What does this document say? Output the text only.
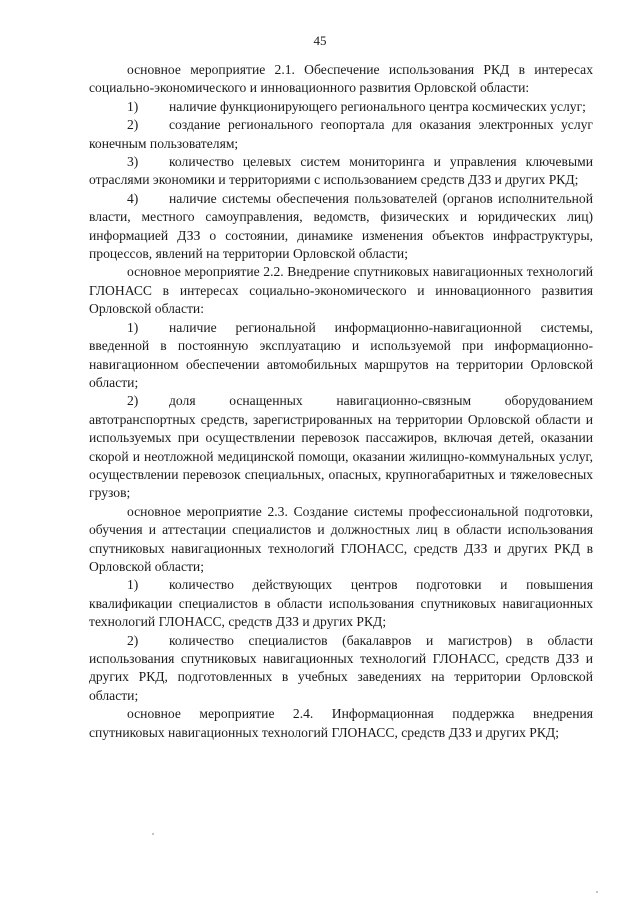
45

основное мероприятие 2.1. Обеспечение использования РКД в интересах социально-экономического и инновационного развития Орловской области:

1) наличие функционирующего регионального центра космических услуг;

2) создание регионального геопортала для оказания электронных услуг конечным пользователям;

3) количество целевых систем мониторинга и управления ключевыми отраслями экономики и территориями с использованием средств ДЗЗ и других РКД;

4) наличие системы обеспечения пользователей (органов исполнительной власти, местного самоуправления, ведомств, физических и юридических лиц) информацией ДЗЗ о состоянии, динамике изменения объектов инфраструктуры, процессов, явлений на территории Орловской области;

основное мероприятие 2.2. Внедрение спутниковых навигационных технологий ГЛОНАСС в интересах социально-экономического и инновационного развития Орловской области:

1) наличие региональной информационно-навигационной системы, введенной в постоянную эксплуатацию и используемой при информационно-навигационном обеспечении автомобильных маршрутов на территории Орловской области;

2) доля оснащенных навигационно-связным оборудованием автотранспортных средств, зарегистрированных на территории Орловской области и используемых при осуществлении перевозок пассажиров, включая детей, оказании скорой и неотложной медицинской помощи, оказании жилищно-коммунальных услуг, осуществлении перевозок специальных, опасных, крупногабаритных и тяжеловесных грузов;

основное мероприятие 2.3. Создание системы профессиональной подготовки, обучения и аттестации специалистов и должностных лиц в области использования спутниковых навигационных технологий ГЛОНАСС, средств ДЗЗ и других РКД в Орловской области;

1) количество действующих центров подготовки и повышения квалификации специалистов в области использования спутниковых навигационных технологий ГЛОНАСС, средств ДЗЗ и других РКД;

2) количество специалистов (бакалавров и магистров) в области использования спутниковых навигационных технологий ГЛОНАСС, средств ДЗЗ и других РКД, подготовленных в учебных заведениях на территории Орловской области;

основное мероприятие 2.4. Информационная поддержка внедрения спутниковых навигационных технологий ГЛОНАСС, средств ДЗЗ и других РКД;
